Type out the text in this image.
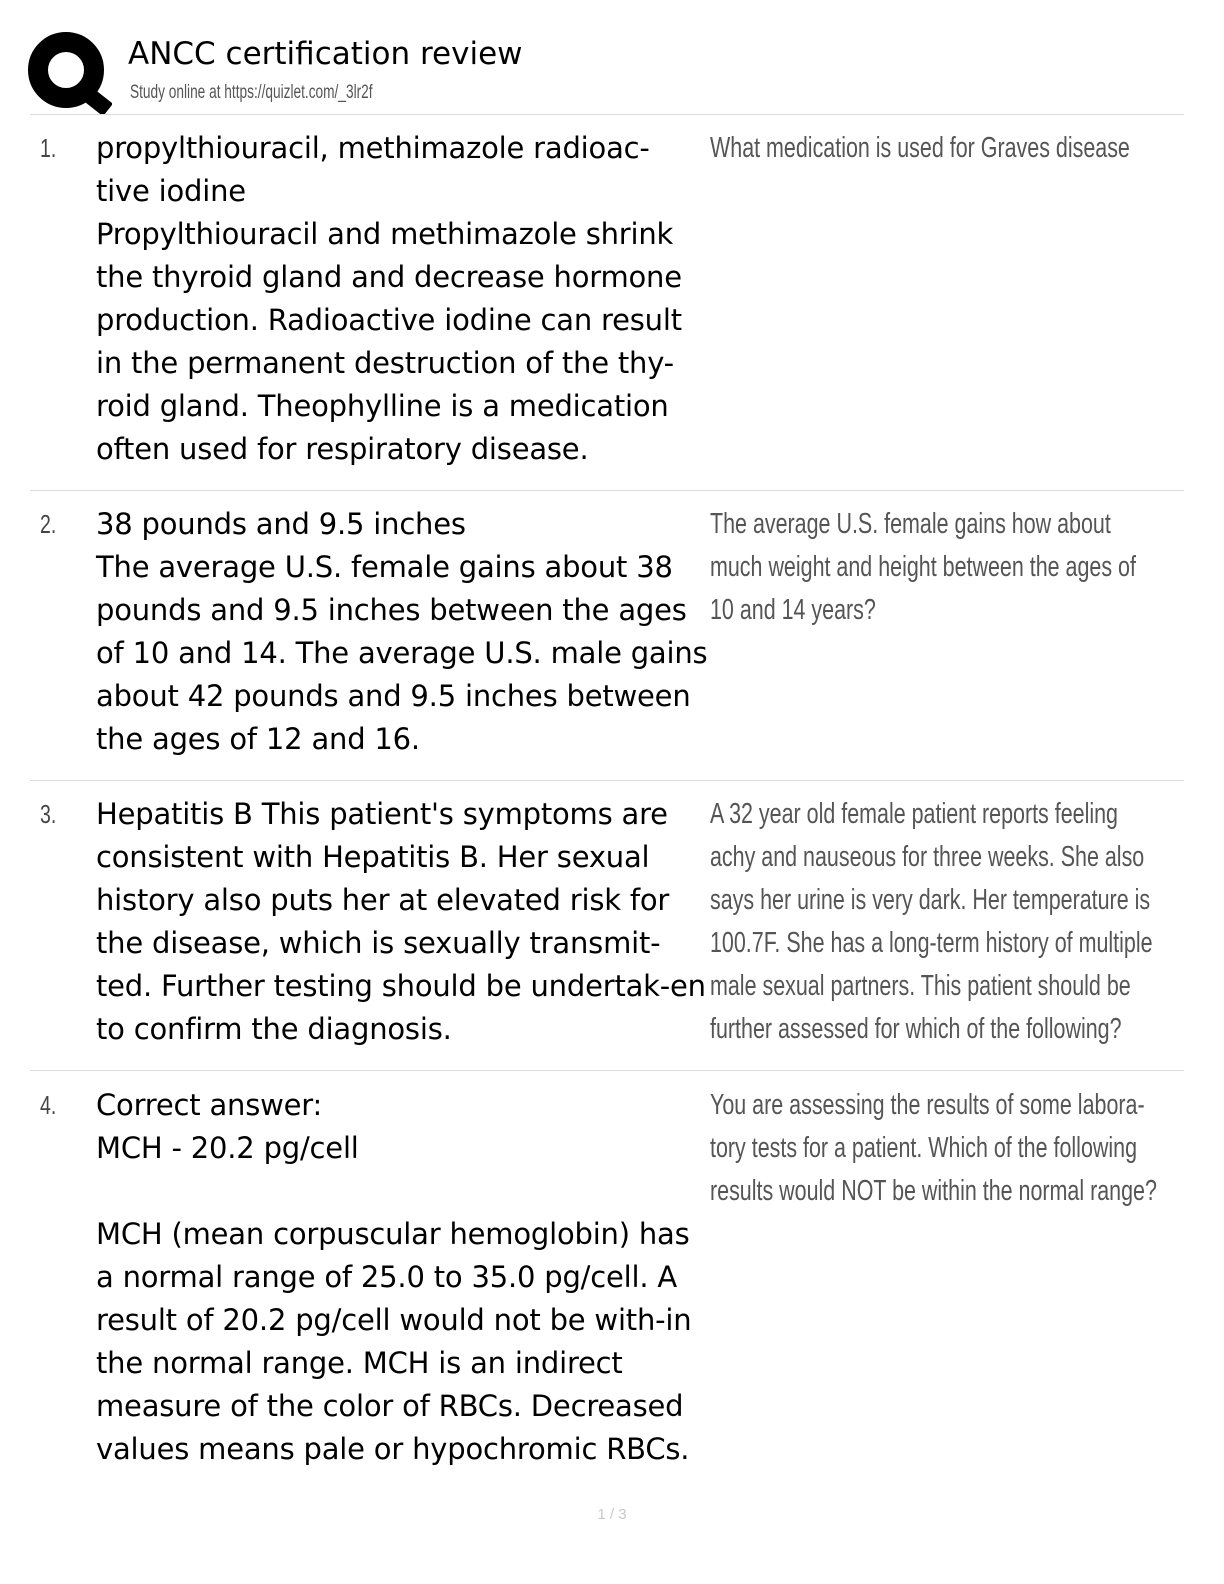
ANCC certification review
Study online at https://quizlet.com/_3lr2f
1. propylthiouracil, methimazole radioac-
tive iodine
Propylthiouracil and methimazole shrink the thyroid gland and decrease hormone production. Radioactive iodine can result in the permanent destruction of the thy-roid gland. Theophylline is a medication often used for respiratory disease.
What medication is used for Graves disease
2. 38 pounds and 9.5 inches
The average U.S. female gains about 38 pounds and 9.5 inches between the ages of 10 and 14. The average U.S. male gains about 42 pounds and 9.5 inches between the ages of 12 and 16.
The average U.S. female gains how about much weight and height between the ages of 10 and 14 years?
3. Hepatitis B This patient's symptoms are consistent with Hepatitis B. Her sexual history also puts her at elevated risk for the disease, which is sexually transmit-ted. Further testing should be undertak-en to confirm the diagnosis.
A 32 year old female patient reports feeling achy and nauseous for three weeks. She also says her urine is very dark. Her temperature is 100.7F. She has a long-term history of multiple male sexual partners. This patient should be further assessed for which of the following?
4. Correct answer:
MCH - 20.2 pg/cell

MCH (mean corpuscular hemoglobin) has a normal range of 25.0 to 35.0 pg/cell. A result of 20.2 pg/cell would not be with-in the normal range. MCH is an indirect measure of the color of RBCs. Decreased values means pale or hypochromic RBCs.
You are assessing the results of some labora-tory tests for a patient. Which of the following results would NOT be within the normal range?
1 / 3
